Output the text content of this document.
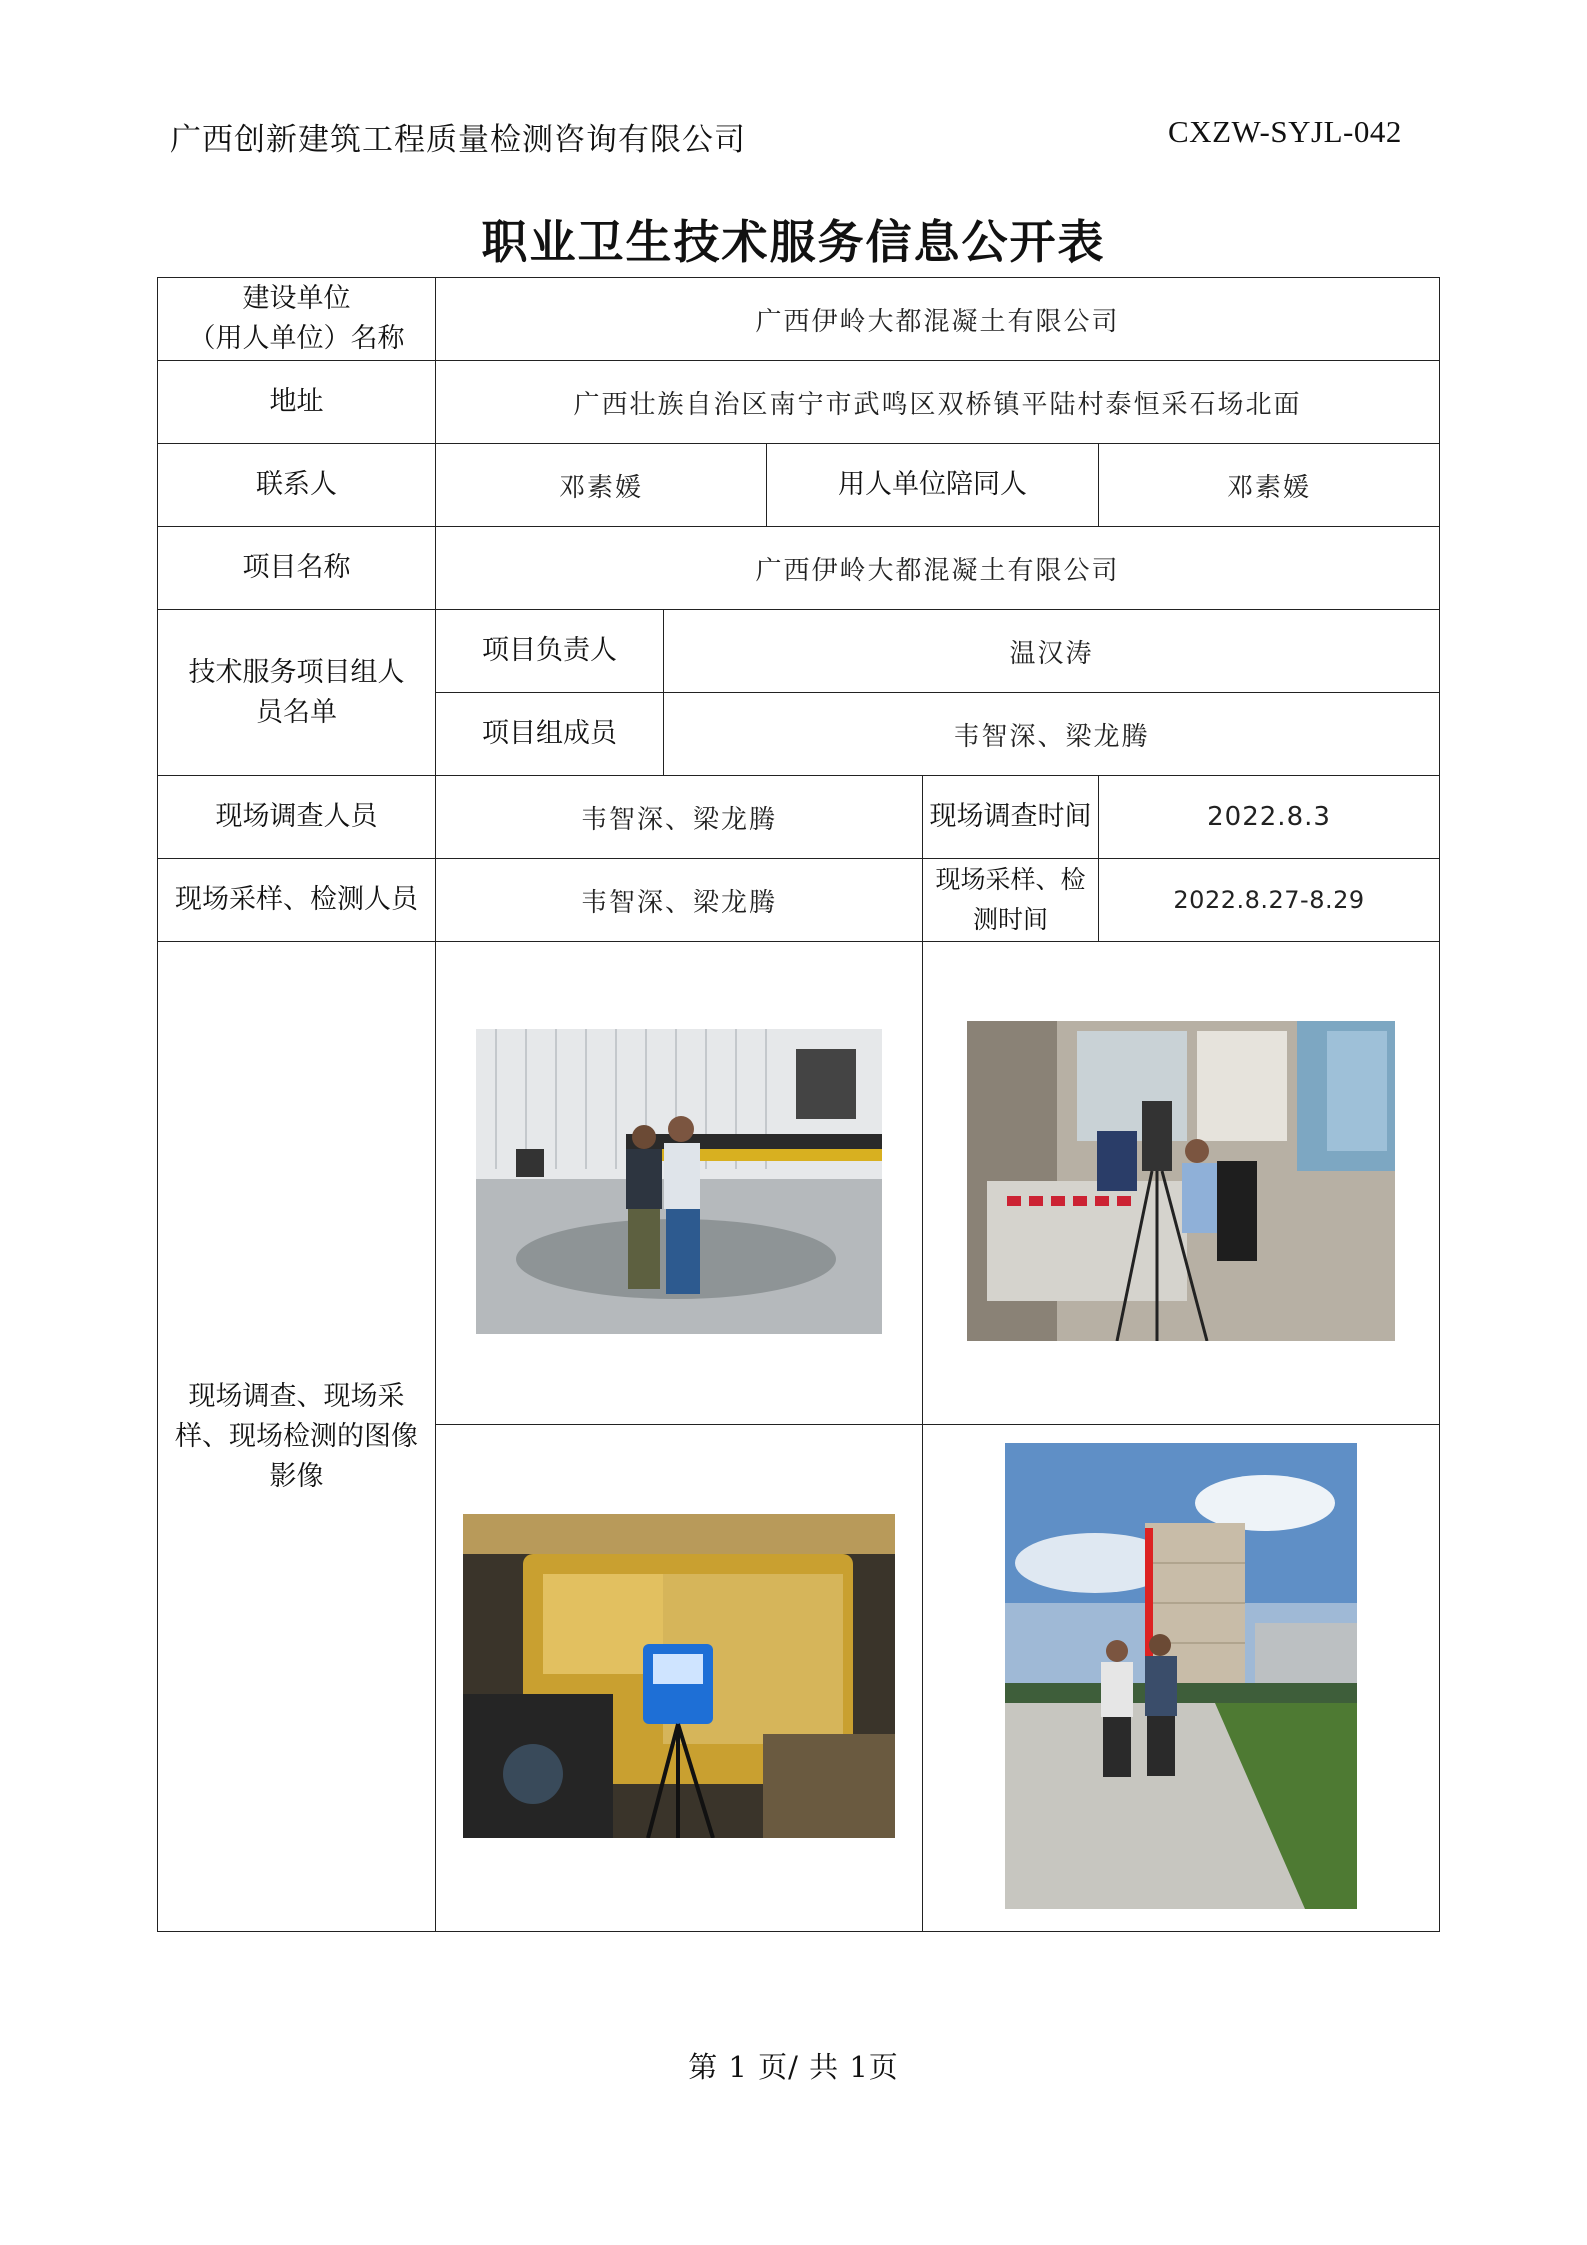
广西创新建筑工程质量检测咨询有限公司	CXZW-SYJL-042
职业卫生技术服务信息公开表
建设单位
（用人单位）名称	广西伊岭大都混凝土有限公司				
地址	广西壮族自治区南宁市武鸣区双桥镇平陆村泰恒采石场北面				
联系人	邓素媛		用人单位陪同人		邓素媛
项目名称	广西伊岭大都混凝土有限公司				

技术服务项目组人员名单	项目负责人	温汉涛			
	项目组成员	韦智深、梁龙腾			
现场调查人员	韦智深、梁龙腾			现场调查时间	2022.8.3
现场采样、检测人员	韦智深、梁龙腾			现场采样、检测时间	2022.8.27-8.29

现场调查、现场采样、现场检测的图像影像

第 1 页/ 共 1页
